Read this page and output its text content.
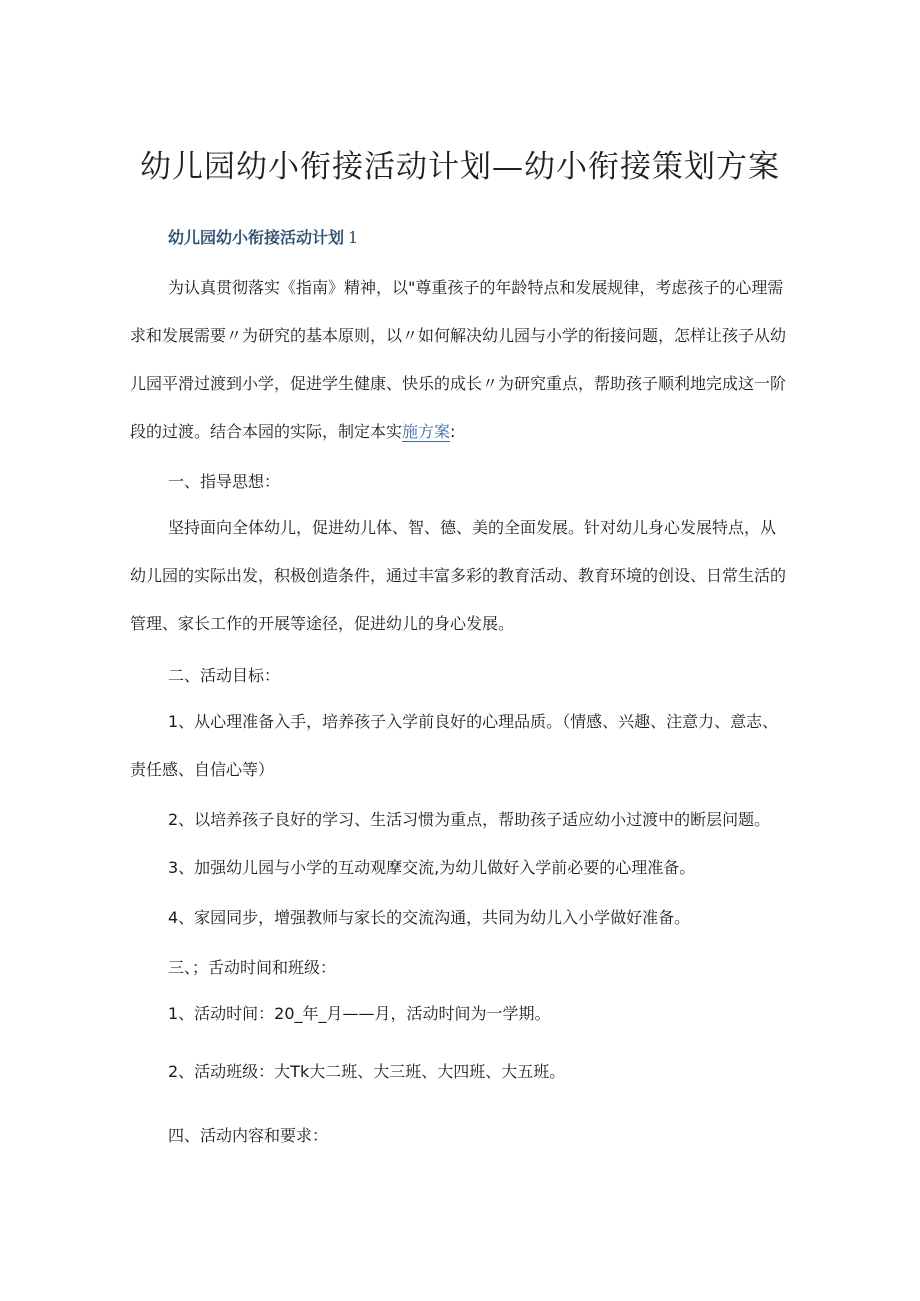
幼儿园幼小衔接活动计划—幼小衔接策划方案
幼儿园幼小衔接活动计划 1

为认真贯彻落实《指南》精神，以"尊重孩子的年龄特点和发展规律，考虑孩子的心理需求和发展需要〃为研究的基本原则，以〃如何解决幼儿园与小学的衔接问题，怎样让孩子从幼儿园平滑过渡到小学，促进学生健康、快乐的成长〃为研究重点，帮助孩子顺利地完成这一阶段的过渡。结合本园的实际，制定本实施方案:

一、指导思想：

坚持面向全体幼儿，促进幼儿体、智、德、美的全面发展。针对幼儿身心发展特点，从幼儿园的实际出发，积极创造条件，通过丰富多彩的教育活动、教育环境的创设、日常生活的管理、家长工作的开展等途径，促进幼儿的身心发展。

二、活动目标：

1、从心理准备入手，培养孩子入学前良好的心理品质。（情感、兴趣、注意力、意志、责任感、自信心等）

2、以培养孩子良好的学习、生活习惯为重点，帮助孩子适应幼小过渡中的断层问题。
3、加强幼儿园与小学的互动观摩交流,为幼儿做好入学前必要的心理准备。
4、家园同步，增强教师与家长的交流沟通，共同为幼儿入小学做好准备。
三、；舌动时间和班级：
1、活动时间：20_年_月——月，活动时间为一学期。
2、活动班级：大Tk大二班、大三班、大四班、大五班。
四、活动内容和要求：
